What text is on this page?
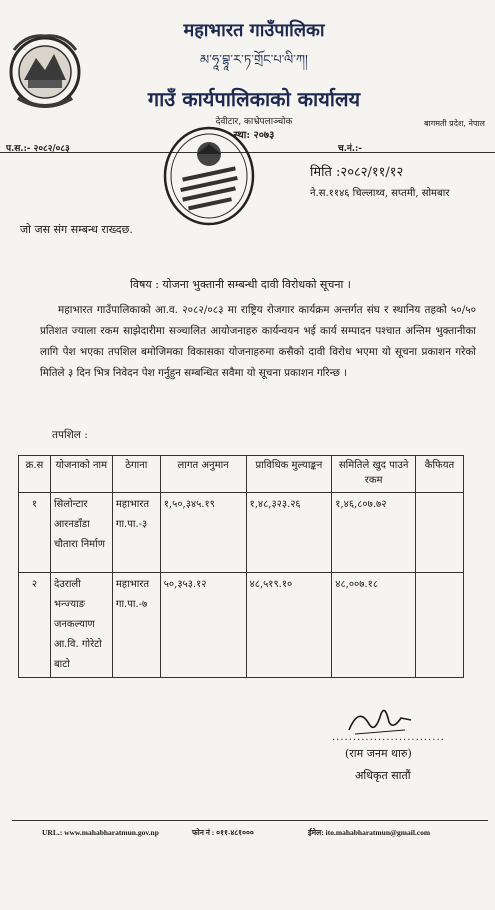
महाभारत गाउँपालिका
མ་ཧཱ་བྷཱ་ར་ཏ་གྲོང་པ་ལི་ཀ།
गाउँ कार्यपालिकाको कार्यालय
देवीटार, काभ्रेपलाञ्चोक
स्था: २०७३
बागमती प्रदेश, नेपाल
प.स.:- २०८२/०८३	च.नं.:-
मिति :२०८२/११/१२
ने.स.११४६ चिल्लाथ्व, सप्तमी, सोमबार
जो जस संग सम्बन्ध राख्दछ.
विषय : योजना भुक्तानी सम्बन्धी दावी विरोधको सूचना ।
महाभारत गाउँपालिकाको आ.व. २०८२/०८३ मा राष्ट्रिय रोजगार कार्यक्रम अन्तर्गत संघ र स्थानिय तहको ५०/५० प्रतिशत ज्याला रकम साझेदारीमा सञ्चालित आयोजनाहरु कार्यन्वयन भई कार्य सम्पादन पश्चात अन्तिम भुक्तानीका लागि पेश भएका तपशिल बमोजिमका विकासका योजनाहरुमा कसैको दावी विरोध भएमा यो सूचना प्रकाशन गरेको मितिले ३ दिन भित्र निवेदन पेश गर्नुहुन सम्बन्धित सवैमा यो सूचना प्रकाशन गरिन्छ ।
तपशिल :
क्र.स	योजनाको नाम	ठेगाना	लागत अनुमान	प्राविधिक मुल्याङ्कन	समितिले खुद पाउने रकम	कैफियत
१	सिलोन्टार आरनडाँडा चौतारा निर्माण	महाभारत गा.पा.-३	१,५०,३४५.१९	१,४८,३२३.२६	१,४६,८०७.७२	
२	देउराली भन्ज्याङ जनकल्याण आ.वि. गोरेटो बाटो	महाभारत गा.पा.-७	५०,३५३.१२	४८,५१९.१०	४८,००७.१८	
...........................
(राम जनम थारु)
अधिकृत सातौं
URL.: www.mahabharatmun.gov.np	फोन नं : ०११-४८१०००	ईमेल: ito.mahabharatmun@gmail.com
